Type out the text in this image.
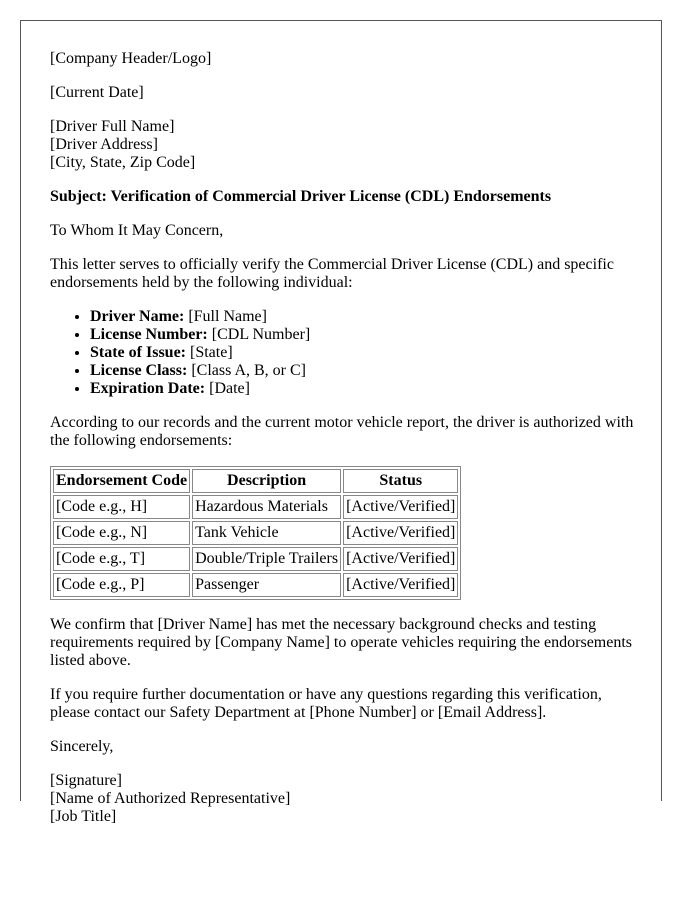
[Company Header/Logo]

[Current Date]

[Driver Full Name]
[Driver Address]
[City, State, Zip Code]

Subject: Verification of Commercial Driver License (CDL) Endorsements

To Whom It May Concern,

This letter serves to officially verify the Commercial Driver License (CDL) and specific endorsements held by the following individual:

• Driver Name: [Full Name]
• License Number: [CDL Number]
• State of Issue: [State]
• License Class: [Class A, B, or C]
• Expiration Date: [Date]

According to our records and the current motor vehicle report, the driver is authorized with the following endorsements:

Endorsement Code	Description	Status
[Code e.g., H]	Hazardous Materials	[Active/Verified]
[Code e.g., N]	Tank Vehicle	[Active/Verified]
[Code e.g., T]	Double/Triple Trailers	[Active/Verified]
[Code e.g., P]	Passenger	[Active/Verified]

We confirm that [Driver Name] has met the necessary background checks and testing requirements required by [Company Name] to operate vehicles requiring the endorsements listed above.

If you require further documentation or have any questions regarding this verification, please contact our Safety Department at [Phone Number] or [Email Address].

Sincerely,

[Signature]
[Name of Authorized Representative]
[Job Title]
